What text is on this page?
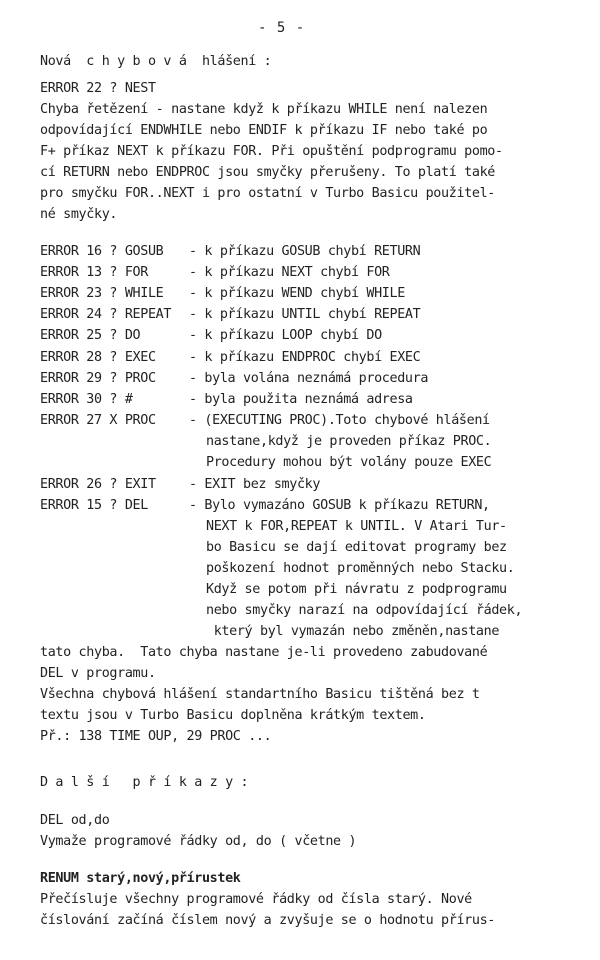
- 5 -
Nová  c h y b o v á  hlášení :
ERROR 22 ? NEST
Chyba řetězení - nastane když k příkazu WHILE není nalezen
odpovídající ENDWHILE nebo ENDIF k příkazu IF nebo také po
F+ příkaz NEXT k příkazu FOR. Při opuštění podprogramu pomo-
cí RETURN nebo ENDPROC jsou smyčky přerušeny. To platí také
pro smyčku FOR..NEXT i pro ostatní v Turbo Basicu použitel-
né smyčky.
ERROR 16 ? GOSUB - k příkazu GOSUB chybí RETURN
ERROR 13 ? FOR	- k příkazu NEXT chybí FOR
ERROR 23 ? WHILE - k příkazu WEND chybí WHILE
ERROR 24 ? REPEAT - k příkazu UNTIL chybí REPEAT
ERROR 25 ? DO	- k příkazu LOOP chybí DO
ERROR 28 ? EXEC - k příkazu ENDPROC chybí EXEC
ERROR 29 ? PROC - byla volána neznámá procedura
ERROR 30 ? #	- byla použita neznámá adresa
ERROR 27 X PROC - (EXECUTING PROC).Toto chybové hlášení
nastane,když je proveden příkaz PROC.
Procedury mohou být volány pouze EXEC
ERROR 26 ? EXIT - EXIT bez smyčky
ERROR 15 ? DEL	- Bylo vymazáno GOSUB k příkazu RETURN,
NEXT k FOR,REPEAT k UNTIL. V Atari Tur-
bo Basicu se dají editovat programy bez
poškození hodnot proměnných nebo Stacku.
Když se potom při návratu z podprogramu
nebo smyčky narazí na odpovídající řádek,
který byl vymazán nebo změněn,nastane
tato chyba.  Tato chyba nastane je-li provedeno zabudované
DEL v programu.
Všechna chybová hlášení standartního Basicu tištěná bez t
textu jsou v Turbo Basicu doplněna krátkým textem.
Př.: 138 TIME OUP, 29 PROC ...
D a l š í   p ř í k a z y :
DEL od,do
Vymaže programové řádky od, do ( včetne )
RENUM starý,nový,přírustek
Přečísluje všechny programové řádky od čísla starý. Nové
číslování začíná číslem nový a zvyšuje se o hodnotu přírus-
